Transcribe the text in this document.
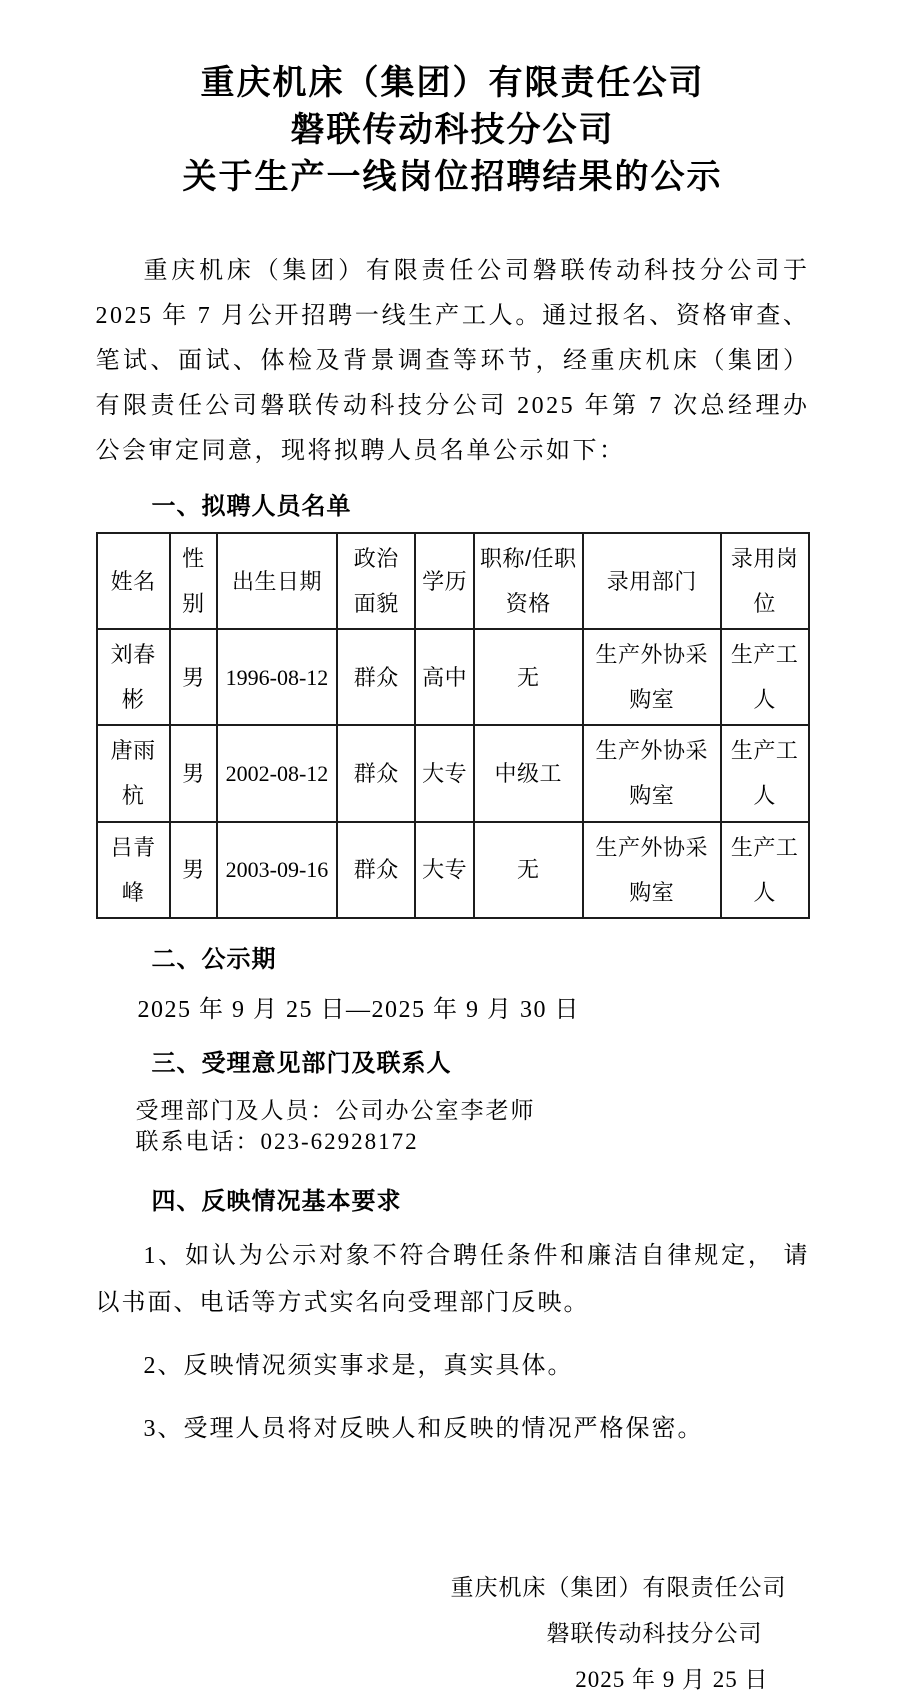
重庆机床（集团）有限责任公司
磐联传动科技分公司
关于生产一线岗位招聘结果的公示

重庆机床（集团）有限责任公司磐联传动科技分公司于 2025 年 7 月公开招聘一线生产工人。通过报名、资格审查、笔试、面试、体检及背景调查等环节，经重庆机床（集团）有限责任公司磐联传动科技分公司 2025 年第 7 次总经理办公会审定同意，现将拟聘人员名单公示如下：

一、拟聘人员名单
姓名	性别	出生日期	政治面貌	学历	职称/任职资格	录用部门	录用岗位
刘春彬	男	1996-08-12	群众	高中	无	生产外协采购室	生产工人
唐雨杭	男	2002-08-12	群众	大专	中级工	生产外协采购室	生产工人
吕青峰	男	2003-09-16	群众	大专	无	生产外协采购室	生产工人
二、公示期

2025 年 9 月 25 日—2025 年 9 月 30 日

三、受理意见部门及联系人

受理部门及人员：公司办公室李老师

联系电话：023-62928172

四、反映情况基本要求

1、如认为公示对象不符合聘任条件和廉洁自律规定， 请以书面、电话等方式实名向受理部门反映。

2、反映情况须实事求是，真实具体。

3、受理人员将对反映人和反映的情况严格保密。

重庆机床（集团）有限责任公司

磐联传动科技分公司

2025 年 9 月 25 日
